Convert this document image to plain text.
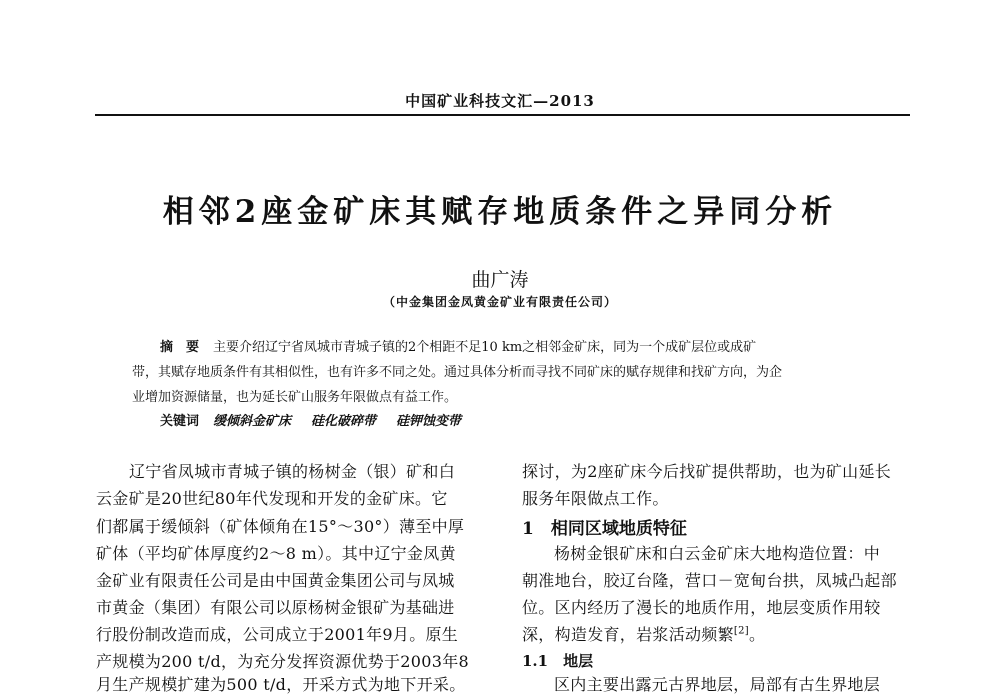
中国矿业科技文汇—2013
相邻2座金矿床其赋存地质条件之异同分析
曲广涛
（中金集团金凤黄金矿业有限责任公司）
摘　要 主要介绍辽宁省凤城市青城子镇的2个相距不足10 km之相邻金矿床，同为一个成矿层位或成矿
带，其赋存地质条件有其相似性，也有许多不同之处。通过具体分析而寻找不同矿床的赋存规律和找矿方向，为企
业增加资源储量，也为延长矿山服务年限做点有益工作。
关键词 缓倾斜金矿床 硅化破碎带 硅钾蚀变带
辽宁省凤城市青城子镇的杨树金（银）矿和白
云金矿是20世纪80年代发现和开发的金矿床。它
们都属于缓倾斜（矿体倾角在15°～30°）薄至中厚
矿体（平均矿体厚度约2～8 m）。其中辽宁金凤黄
金矿业有限责任公司是由中国黄金集团公司与凤城
市黄金（集团）有限公司以原杨树金银矿为基础进
行股份制改造而成，公司成立于2001年9月。原生
产规模为200 t/d，为充分发挥资源优势于2003年8
探讨，为2座矿床今后找矿提供帮助，也为矿山延长
服务年限做点工作。
1　相同区域地质特征
杨树金银矿床和白云金矿床大地构造位置：中
朝准地台，胶辽台隆，营口－宽甸台拱，凤城凸起部
位。区内经历了漫长的地质作用，地层变质作用较
深，构造发育，岩浆活动频繁[2]。
1.1　地层
月生产规模扩建为500 t/d，开采方式为地下开采。	区内主要出露元古界地层，局部有古生界地层
